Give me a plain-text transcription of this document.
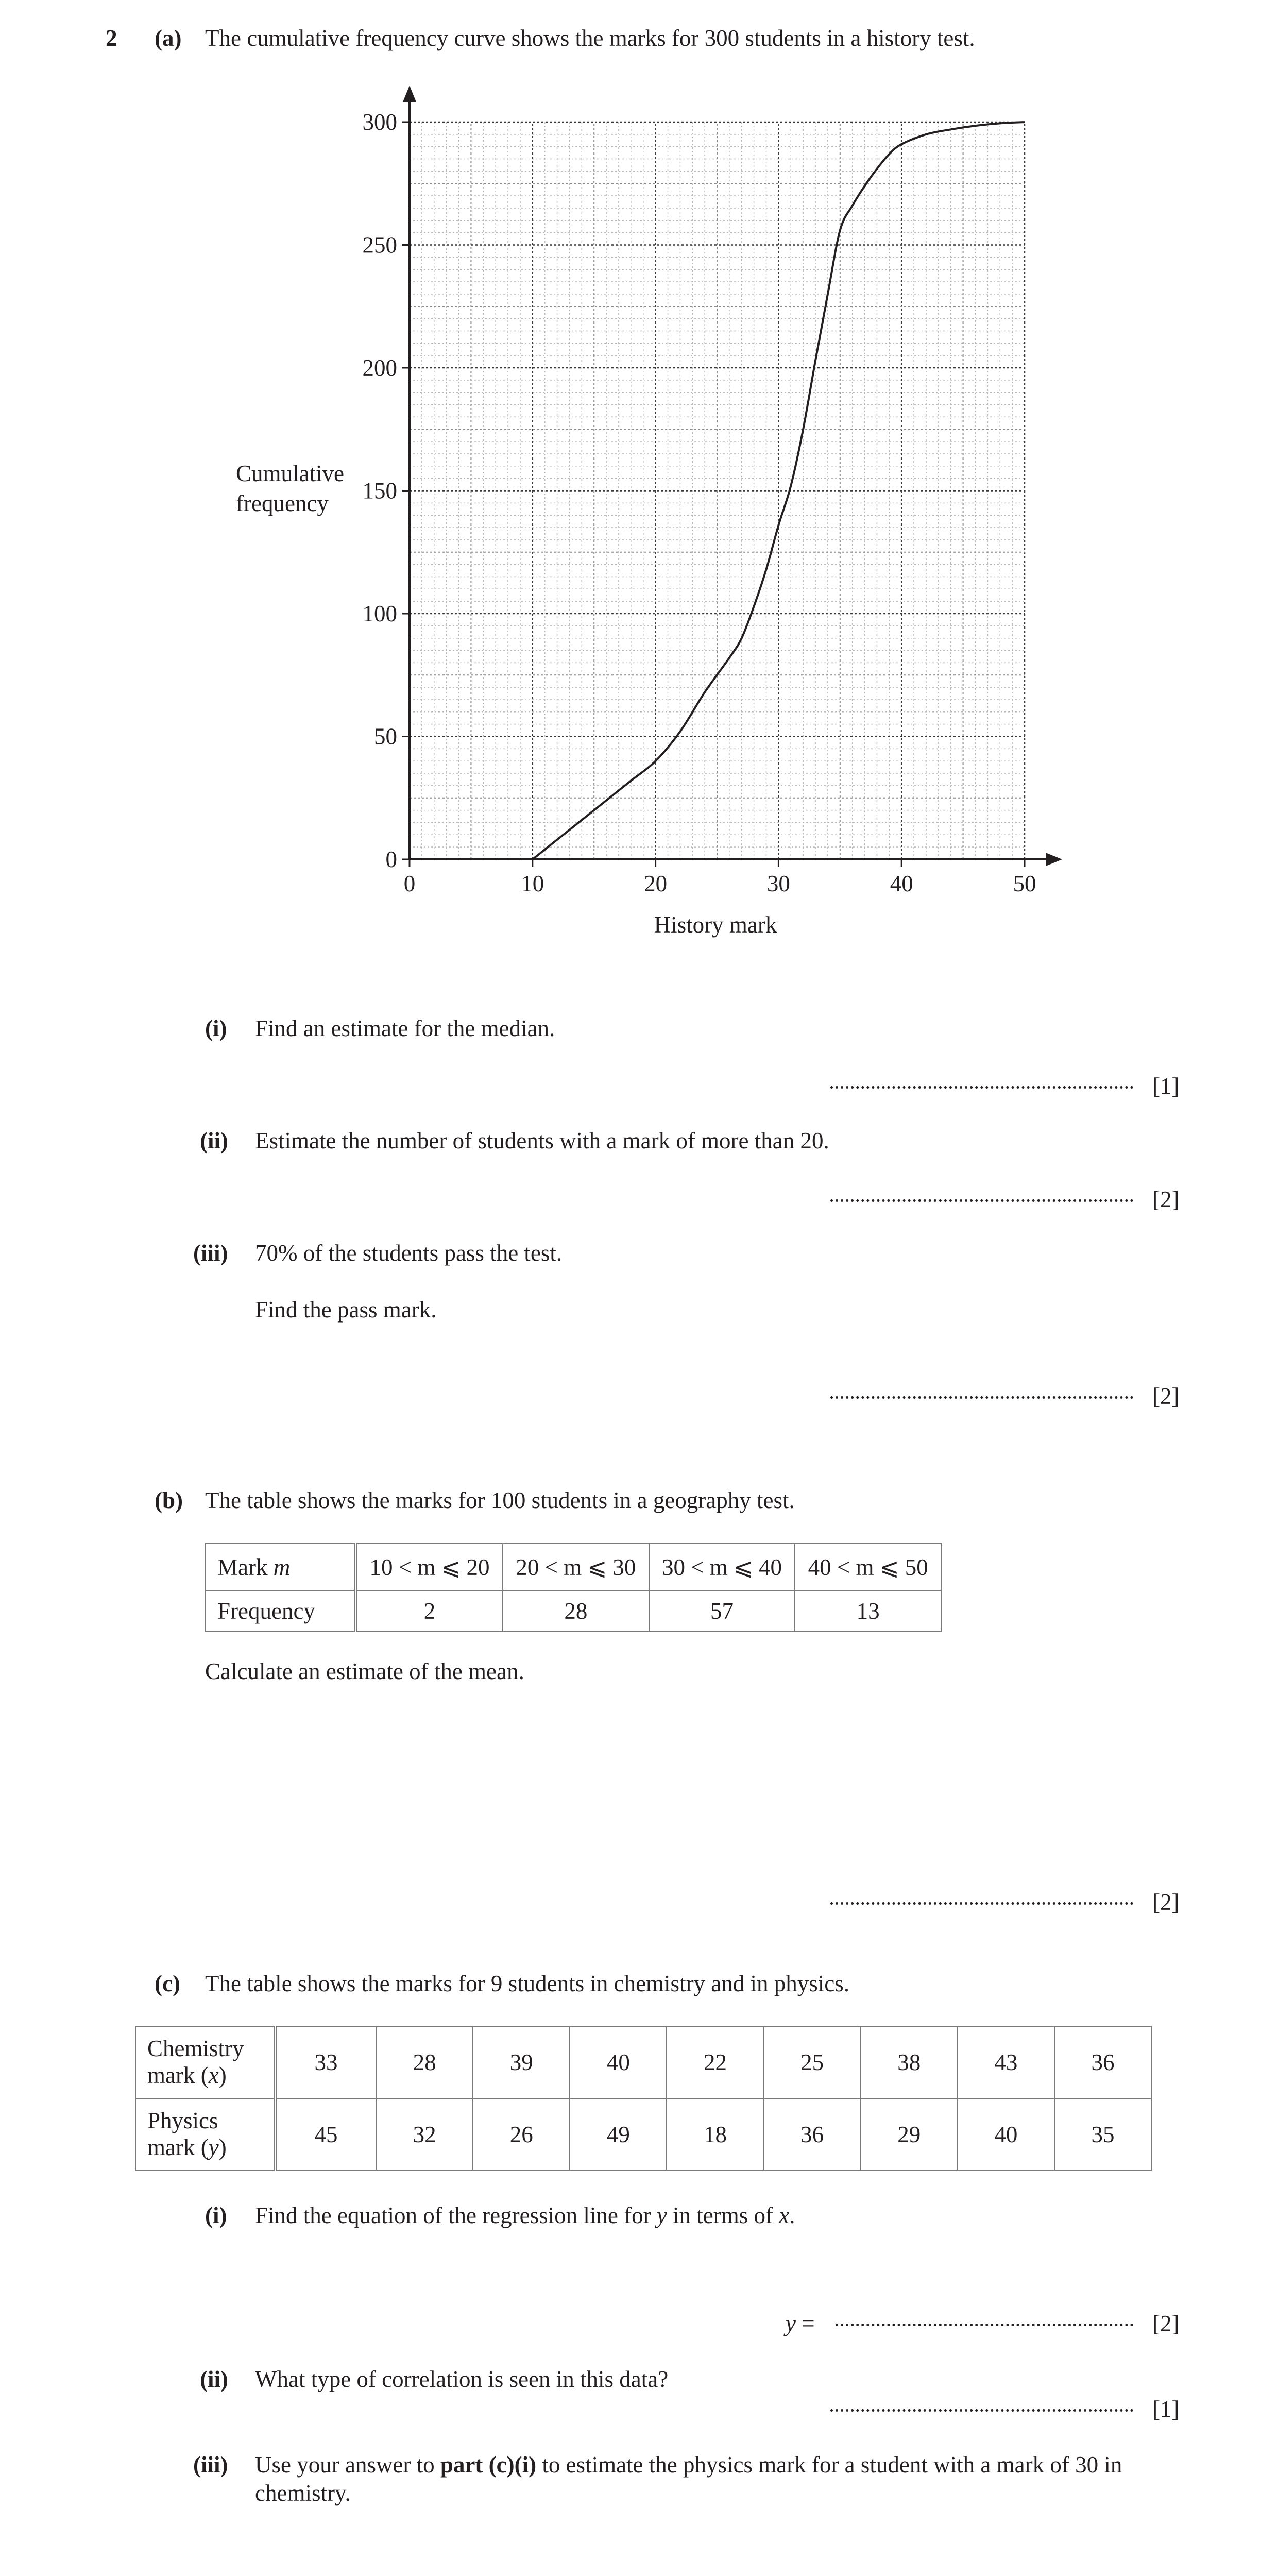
2 (a) The cumulative frequency curve shows the marks for 300 students in a history test.
0	10	20	30	40	50
0
50
100
150
200
250
300
Cumulative
frequency
History mark
(i) Find an estimate for the median.
[1]
(ii) Estimate the number of students with a mark of more than 20.
[2]
(iii) 70% of the students pass the test.
Find the pass mark.
[2]
(b) The table shows the marks for 100 students in a geography test.
Mark m	10 < m ⩽ 20	20 < m ⩽ 30	30 < m ⩽ 40	40 < m ⩽ 50
Frequency	2	28	57	13
Calculate an estimate of the mean.
[2]
(c) The table shows the marks for 9 students in chemistry and in physics.
Chemistry
mark (x)	33	28	39	40	22	25	38	43	36
Physics
mark (y)	45	32	26	49	18	36	29	40	35
(i) Find the equation of the regression line for y in terms of x.
y =	[2]
(ii) What type of correlation is seen in this data?
[1]
(iii) Use your answer to part (c)(i) to estimate the physics mark for a student with a mark of 30 in
chemistry.
